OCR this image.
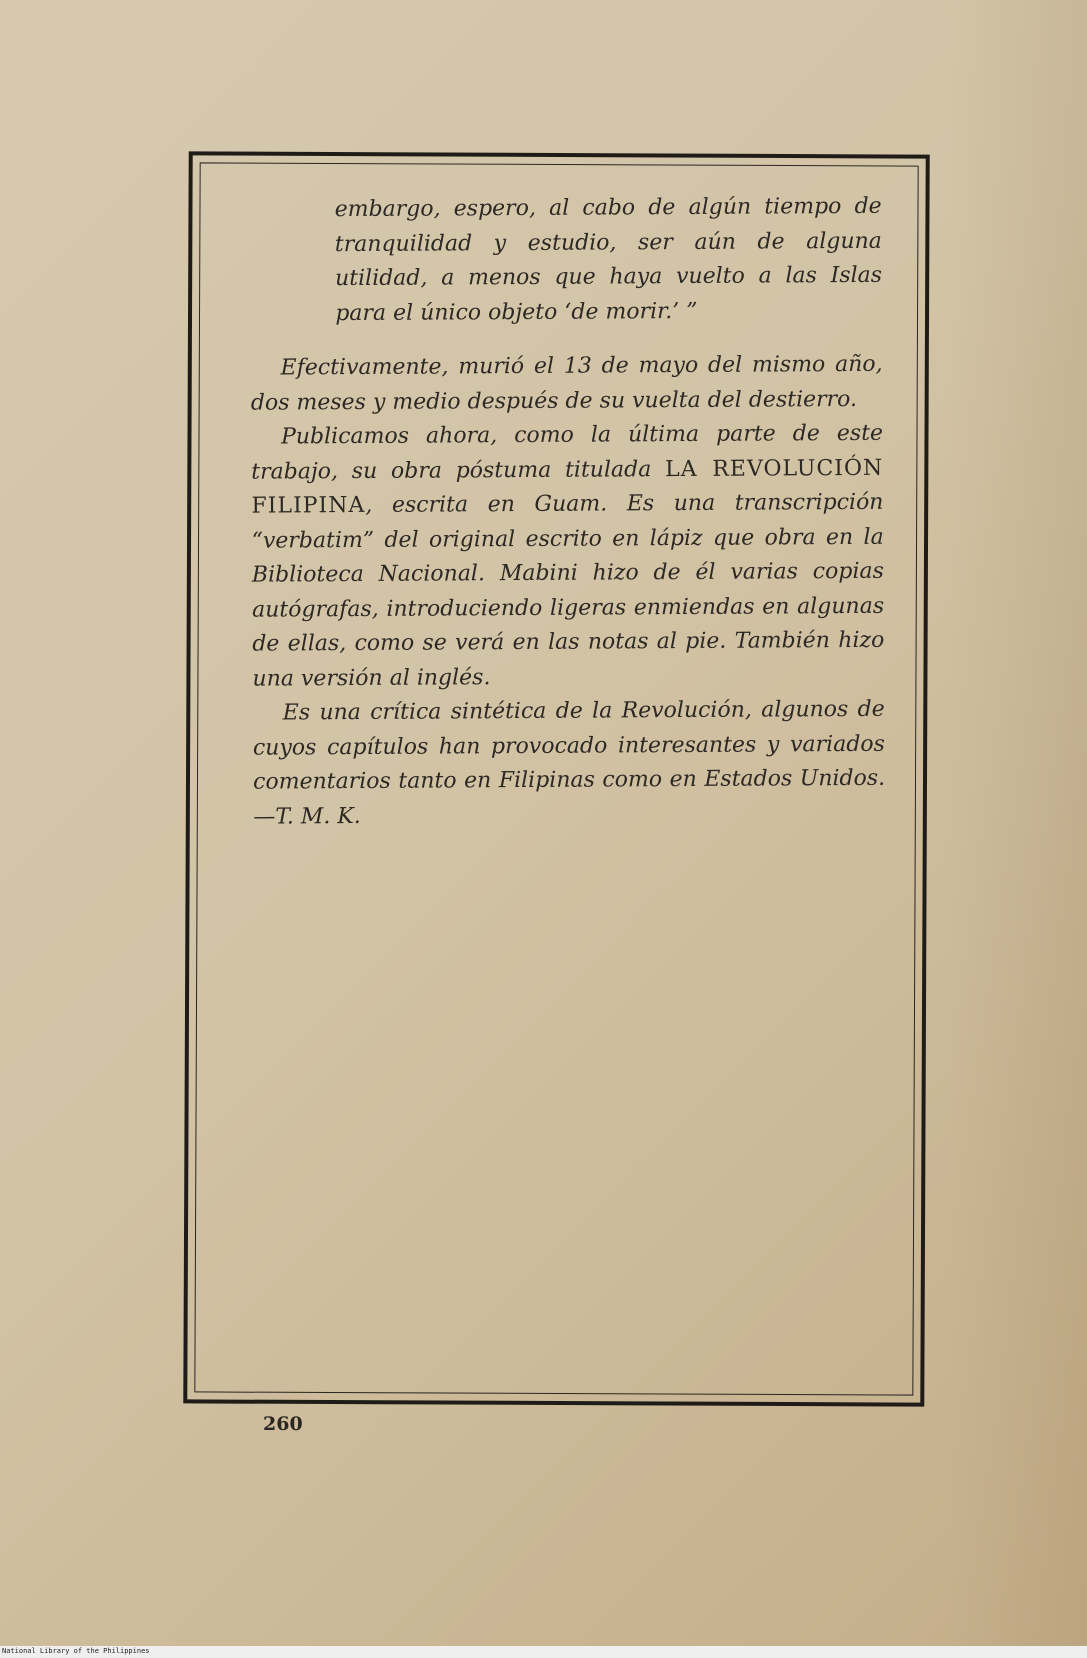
embargo, espero, al cabo de algún tiempo de tranquilidad y estudio, ser aún de alguna utilidad, a menos que haya vuelto a las Islas para el único objeto ‘de morir.’ ”

Efectivamente, murió el 13 de mayo del mismo año, dos meses y medio después de su vuelta del destierro.

Publicamos ahora, como la última parte de este trabajo, su obra póstuma titulada LA REVOLUCIÓN FILIPINA, escrita en Guam. Es una transcripción “verbatim” del original escrito en lápiz que obra en la Biblioteca Nacional. Mabini hizo de él varias copias autógrafas, introduciendo ligeras enmiendas en algunas de ellas, como se verá en las notas al pie. También hizo una versión al inglés.

Es una crítica sintética de la Revolución, algunos de cuyos capítulos han provocado interesantes y variados comentarios tanto en Filipinas como en Estados Unidos.—T. M. K.

260
National Library of the Philippines
